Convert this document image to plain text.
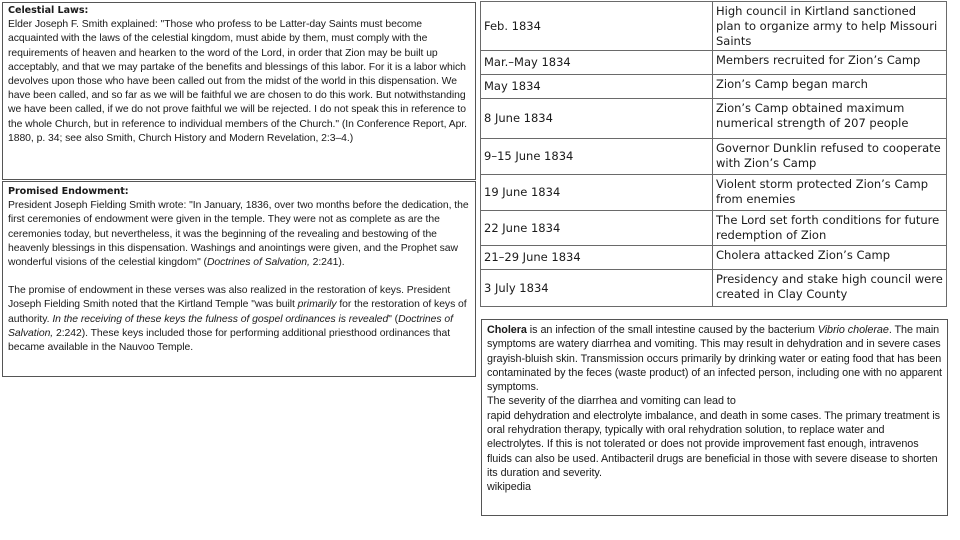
Celestial Laws:
Elder Joseph F. Smith explained: "Those who profess to be Latter-day Saints must become acquainted with the laws of the celestial kingdom, must abide by them, must comply with the requirements of heaven and hearken to the word of the Lord, in order that Zion may be built up acceptably, and that we may partake of the benefits and blessings of this labor. For it is a labor which devolves upon those who have been called out from the midst of the world in this dispensation. We have been called, and so far as we will be faithful we are chosen to do this work. But notwithstanding we have been called, if we do not prove faithful we will be rejected. I do not speak this in reference to the whole Church, but in reference to individual members of the Church." (In Conference Report, Apr. 1880, p. 34; see also Smith, Church History and Modern Revelation, 2:3–4.)
Promised Endowment:
President Joseph Fielding Smith wrote: "In January, 1836, over two months before the dedication, the first ceremonies of endowment were given in the temple. They were not as complete as are the ceremonies today, but nevertheless, it was the beginning of the revealing and bestowing of the heavenly blessings in this dispensation. Washings and anointings were given, and the Prophet saw wonderful visions of the celestial kingdom" (Doctrines of Salvation, 2:241).
The promise of endowment in these verses was also realized in the restoration of keys. President Joseph Fielding Smith noted that the Kirtland Temple "was built primarily for the restoration of keys of authority. In the receiving of these keys the fulness of gospel ordinances is revealed" (Doctrines of Salvation, 2:242). These keys included those for performing additional priesthood ordinances that became available in the Nauvoo Temple.
Feb. 1834	High council in Kirtland sanctioned plan to organize army to help Missouri Saints
Mar.–May 1834	Members recruited for Zion’s Camp
May 1834	Zion’s Camp began march
8 June 1834	Zion’s Camp obtained maximum numerical strength of 207 people
9–15 June 1834	Governor Dunklin refused to cooperate with Zion’s Camp
19 June 1834	Violent storm protected Zion’s Camp from enemies
22 June 1834	The Lord set forth conditions for future redemption of Zion
21–29 June 1834	Cholera attacked Zion’s Camp
3 July 1834	Presidency and stake high council were created in Clay County
Cholera is an infection of the small intestine caused by the bacterium Vibrio cholerae. The main symptoms are watery diarrhea and vomiting. This may result in dehydration and in severe cases grayish-bluish skin. Transmission occurs primarily by drinking water or eating food that has been contaminated by the feces (waste product) of an infected person, including one with no apparent symptoms.
The severity of the diarrhea and vomiting can lead to
rapid dehydration and electrolyte imbalance, and death in some cases. The primary treatment is oral rehydration therapy, typically with oral rehydration solution, to replace water and electrolytes. If this is not tolerated or does not provide improvement fast enough, intravenos fluids can also be used. Antibacteril drugs are beneficial in those with severe disease to shorten its duration and severity.
wikipedia
